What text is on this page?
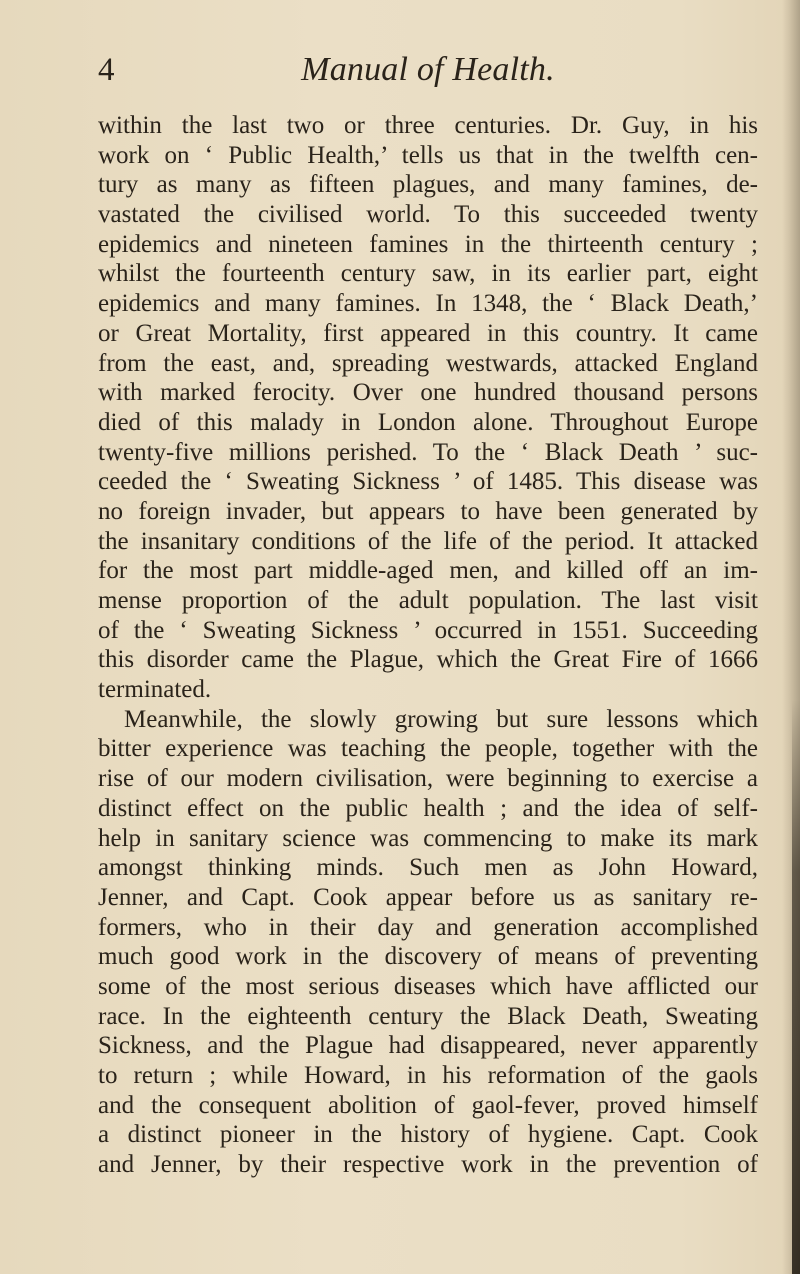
4	Manual of Health.
within the last two or three centuries. Dr. Guy, in his
work on ‘ Public Health,’ tells us that in the twelfth cen-
tury as many as fifteen plagues, and many famines, de-
vastated the civilised world. To this succeeded twenty
epidemics and nineteen famines in the thirteenth century ;
whilst the fourteenth century saw, in its earlier part, eight
epidemics and many famines. In 1348, the ‘ Black Death,’
or Great Mortality, first appeared in this country. It came
from the east, and, spreading westwards, attacked England
with marked ferocity. Over one hundred thousand persons
died of this malady in London alone. Throughout Europe
twenty-five millions perished. To the ‘ Black Death ’ suc-
ceeded the ‘ Sweating Sickness ’ of 1485. This disease was
no foreign invader, but appears to have been generated by
the insanitary conditions of the life of the period. It attacked
for the most part middle-aged men, and killed off an im-
mense proportion of the adult population. The last visit
of the ‘ Sweating Sickness ’ occurred in 1551. Succeeding
this disorder came the Plague, which the Great Fire of 1666
terminated.
Meanwhile, the slowly growing but sure lessons which
bitter experience was teaching the people, together with the
rise of our modern civilisation, were beginning to exercise a
distinct effect on the public health ; and the idea of self-
help in sanitary science was commencing to make its mark
amongst thinking minds. Such men as John Howard,
Jenner, and Capt. Cook appear before us as sanitary re-
formers, who in their day and generation accomplished
much good work in the discovery of means of preventing
some of the most serious diseases which have afflicted our
race. In the eighteenth century the Black Death, Sweating
Sickness, and the Plague had disappeared, never apparently
to return ; while Howard, in his reformation of the gaols
and the consequent abolition of gaol-fever, proved himself
a distinct pioneer in the history of hygiene. Capt. Cook
and Jenner, by their respective work in the prevention of
